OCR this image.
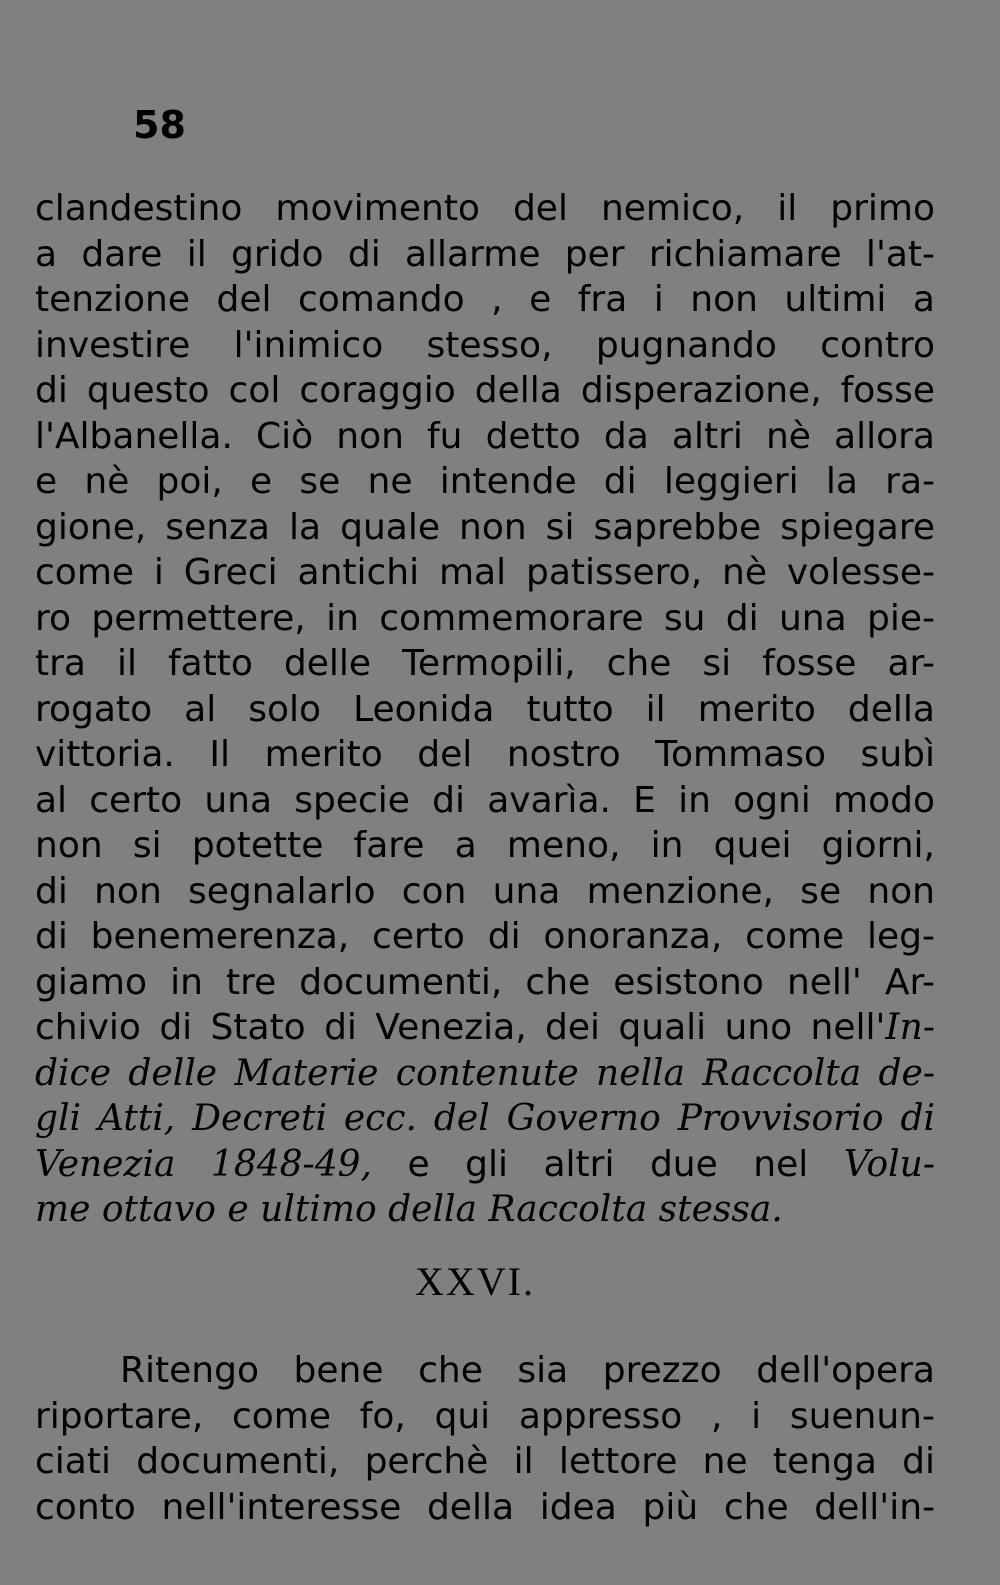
58
clandestino movimento del nemico, il primo
a dare il grido di allarme per richiamare l'at-
tenzione del comando , e fra i non ultimi a
investire l'inimico stesso, pugnando contro
di questo col coraggio della disperazione, fosse
l'Albanella. Ciò non fu detto da altri nè allora
e nè poi, e se ne intende di leggieri la ra-
gione, senza la quale non si saprebbe spiegare
come i Greci antichi mal patissero, nè volesse-
ro permettere, in commemorare su di una pie-
tra il fatto delle Termopili, che si fosse ar-
rogato al solo Leonida tutto il merito della
vittoria. Il merito del nostro Tommaso subì
al certo una specie di avarìa. E in ogni modo
non si potette fare a meno, in quei giorni,
di non segnalarlo con una menzione, se non
di benemerenza, certo di onoranza, come leg-
giamo in tre documenti, che esistono nell' Ar-
chivio di Stato di Venezia, dei quali uno nell'In-
dice delle Materie contenute nella Raccolta de-
gli Atti, Decreti ecc. del Governo Provvisorio di
Venezia 1848-49, e gli altri due nel Volu-
me ottavo e ultimo della Raccolta stessa.
XXVI.
Ritengo bene che sia prezzo dell'opera
riportare, come fo, qui appresso , i suenun-
ciati documenti, perchè il lettore ne tenga di
conto nell'interesse della idea più che dell'in-
